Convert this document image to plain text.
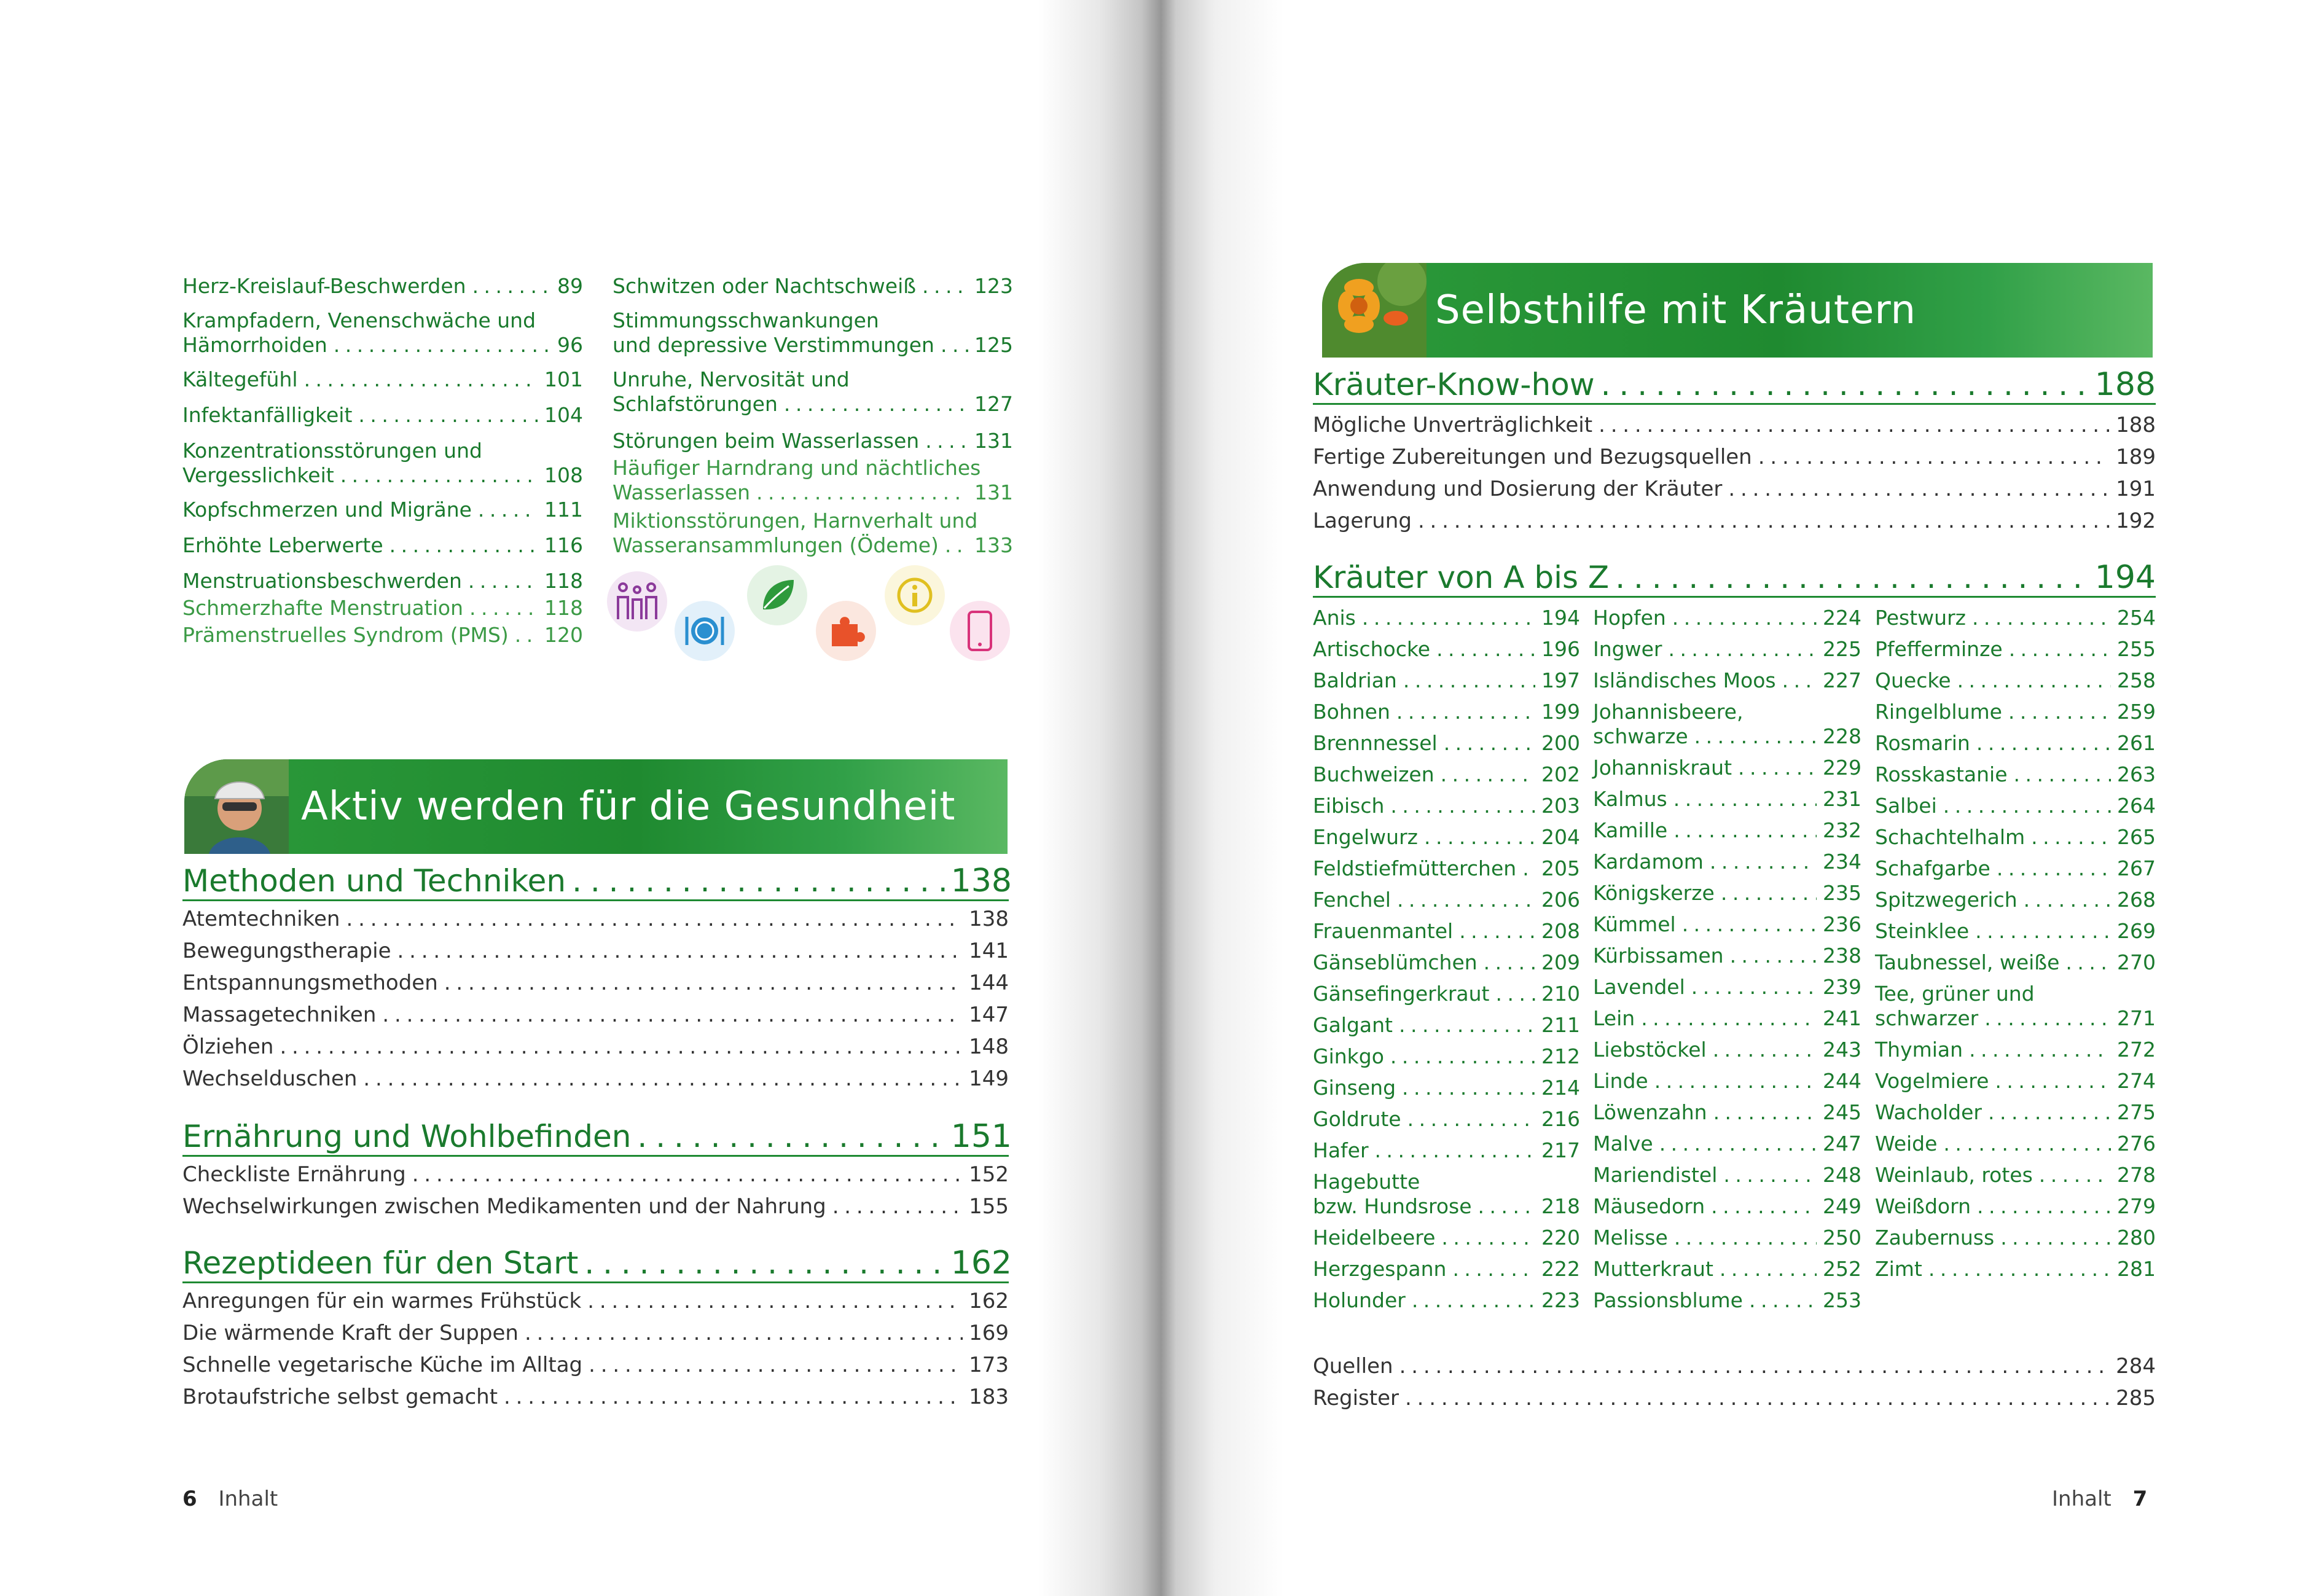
Herz-Kreislauf-Beschwerden . . .	89
Krampfadern, Venenschwäche und
Hämorrhoiden . . .	96
Kältegefühl . . .	101
Infektanfälligkeit . . .	104
Konzentrationsstörungen und
Vergesslichkeit . . .	108
Kopfschmerzen und Migräne . . .	111
Erhöhte Leberwerte . . .	116
Menstruationsbeschwerden . . .	118
Schmerzhafte Menstruation . . .	118
Prämenstruelles Syndrom (PMS) . . . 120
Schwitzen oder Nachtschweiß . . .	123
Stimmungsschwankungen
und depressive Verstimmungen . . . 125
Unruhe, Nervosität und
Schlafstörungen . . .	127
Störungen beim Wasserlassen . . .	131
Häufiger Harndrang und nächtliches
Wasserlassen . . .	131
Miktionsstörungen, Harnverhalt und
Wasseransammlungen (Ödeme) . . . 133
Aktiv werden für die Gesundheit
Methoden und Techniken . . .	138
Atemtechniken . . .	138
Bewegungstherapie . . .	141
Entspannungsmethoden . . .	144
Massagetechniken . . .	147
Ölziehen . . .	148
Wechselduschen . . .	149
Ernährung und Wohlbefinden . . .	151
Checkliste Ernährung . . .	152
Wechselwirkungen zwischen Medikamenten und der Nahrung . . .	155
Rezeptideen für den Start . . .	162
Anregungen für ein warmes Frühstück . . .	162
Die wärmende Kraft der Suppen . . .	169
Schnelle vegetarische Küche im Alltag . . .	173
Brotaufstriche selbst gemacht . . .	183
6 Inhalt
Selbsthilfe mit Kräutern
Kräuter-Know-how . . .	188
Mögliche Unverträglichkeit . . .	188
Fertige Zubereitungen und Bezugsquellen . . .	189
Anwendung und Dosierung der Kräuter . . .	191
Lagerung . . .	192
Kräuter von A bis Z . . .	194
Anis . . .	194
Artischocke . . .	196
Baldrian . . .	197
Bohnen . . .	199
Brennnessel . . .	200
Buchweizen . . .	202
Eibisch . . .	203
Engelwurz . . .	204
Feldstiefmütterchen . . . 205
Fenchel . . .	206
Frauenmantel . . .	208
Gänseblümchen . . .	209
Gänsefingerkraut . . .	210
Galgant . . .	211
Ginkgo . . .	212
Ginseng . . .	214
Goldrute . . .	216
Hafer . . .	217
Hagebutte
bzw. Hundsrose . . .	218
Heidelbeere . . .	220
Herzgespann . . .	222
Holunder . . .	223
Hopfen . . .	224
Ingwer . . .	225
Isländisches Moos . . . 227
Johannisbeere,
schwarze . . .	228
Johanniskraut . . .	229
Kalmus . . .	231
Kamille . . .	232
Kardamom . . .	234
Königskerze . . .	235
Kümmel . . .	236
Kürbissamen . . .	238
Lavendel . . .	239
Lein . . .	241
Liebstöckel . . .	243
Linde . . .	244
Löwenzahn . . .	245
Malve . . .	247
Mariendistel . . .	248
Mäusedorn . . .	249
Melisse . . .	250
Mutterkraut . . .	252
Passionsblume . . .	253
Pestwurz . . .	254
Pfefferminze . . .	255
Quecke . . .	258
Ringelblume . . .	259
Rosmarin . . .	261
Rosskastanie . . .	263
Salbei . . .	264
Schachtelhalm . . .	265
Schafgarbe . . .	267
Spitzwegerich . . .	268
Steinklee . . .	269
Taubnessel, weiße . . .	270
Tee, grüner und
schwarzer . . .	271
Thymian . . .	272
Vogelmiere . . .	274
Wacholder . . .	275
Weide . . .	276
Weinlaub, rotes . . .	278
Weißdorn . . .	279
Zaubernuss . . .	280
Zimt . . .	281
Quellen . . .	284
Register . . .	285
Inhalt 7
